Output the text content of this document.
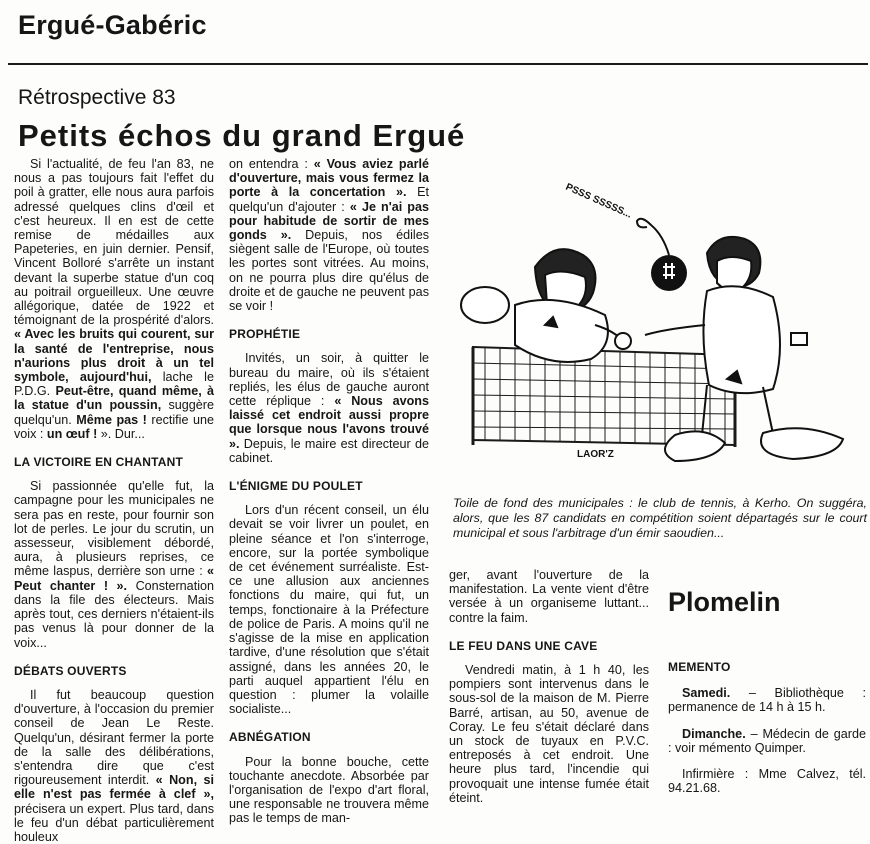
Ergué-Gabéric
Rétrospective 83
Petits échos du grand Ergué

Si l'actualité, de feu l'an 83, ne nous a pas toujours fait l'effet du poil à gratter, elle nous aura parfois adressé quelques clins d'œil et c'est heureux. Il en est de cette remise de médailles aux Papeteries, en juin dernier. Pensif, Vincent Bolloré s'arrête un instant devant la superbe statue d'un coq au poitrail orgueilleux. Une œuvre allégorique, datée de 1922 et témoignant de la prospérité d'alors. « Avec les bruits qui courent, sur la santé de l'entreprise, nous n'aurions plus droit à un tel symbole, aujourd'hui, lache le P.D.G. Peut-être, quand même, à la statue d'un poussin, suggère quelqu'un. Même pas ! rectifie une voix : un œuf ! ». Dur...

LA VICTOIRE EN CHANTANT

Si passionnée qu'elle fut, la campagne pour les municipales ne sera pas en reste, pour fournir son lot de perles. Le jour du scrutin, un assesseur, visiblement débordé, aura, à plusieurs reprises, ce même laspus, derrière son urne : « Peut chanter ! ». Consternation dans la file des électeurs. Mais après tout, ces derniers n'étaient-ils pas venus là pour donner de la voix...

DÉBATS OUVERTS

Il fut beaucoup question d'ouverture, à l'occasion du premier conseil de Jean Le Reste. Quelqu'un, désirant fermer la porte de la salle des délibérations, s'entendra dire que c'est rigoureusement interdit. « Non, si elle n'est pas fermée à clef », précisera un expert. Plus tard, dans le feu d'un débat particulièrement houleux

on entendra : « Vous aviez parlé d'ouverture, mais vous fermez la porte à la concertation ». Et quelqu'un d'ajouter : « Je n'ai pas pour habitude de sortir de mes gonds ». Depuis, nos édiles siègent salle de l'Europe, où toutes les portes sont vitrées. Au moins, on ne pourra plus dire qu'élus de droite et de gauche ne peuvent pas se voir !

PROPHÉTIE

Invités, un soir, à quitter le bureau du maire, où ils s'étaient repliés, les élus de gauche auront cette réplique : « Nous avons laissé cet endroit aussi propre que lorsque nous l'avons trouvé ». Depuis, le maire est directeur de cabinet.

L'ÉNIGME DU POULET

Lors d'un récent conseil, un élu devait se voir livrer un poulet, en pleine séance et l'on s'interroge, encore, sur la portée symbolique de cet événement surréaliste. Est-ce une allusion aux anciennes fonctions du maire, qui fut, un temps, fonctionaire à la Préfecture de police de Paris. A moins qu'il ne s'agisse de la mise en application tardive, d'une résolution que s'était assigné, dans les années 20, le parti auquel appartient l'élu en question : plumer la volaille socialiste...

ABNÉGATION

Pour la bonne bouche, cette touchante anecdote. Absorbée par l'organisation de l'expo d'art floral, une responsable ne trouvera même pas le temps de man-

PSSS SSSSS...
LAOR'Z
Toile de fond des municipales : le club de tennis, à Kerho. On suggéra, alors, que les 87 candidats en compétition soient départagés sur le court municipal et sous l'arbitrage d'un émir saoudien...

ger, avant l'ouverture de la manifestation. La vente vient d'être versée à un organiseme luttant... contre la faim.

LE FEU DANS UNE CAVE

Vendredi matin, à 1 h 40, les pompiers sont intervenus dans le sous-sol de la maison de M. Pierre Barré, artisan, au 50, avenue de Coray. Le feu s'était déclaré dans un stock de tuyaux en P.V.C. entreposés à cet endroit. Une heure plus tard, l'incendie qui provoquait une intense fumée était éteint.

Plomelin

MEMENTO

Samedi. – Bibliothèque : permanence de 14 h à 15 h.

Dimanche. – Médecin de garde : voir mémento Quimper.

Infirmière : Mme Calvez, tél. 94.21.68.
